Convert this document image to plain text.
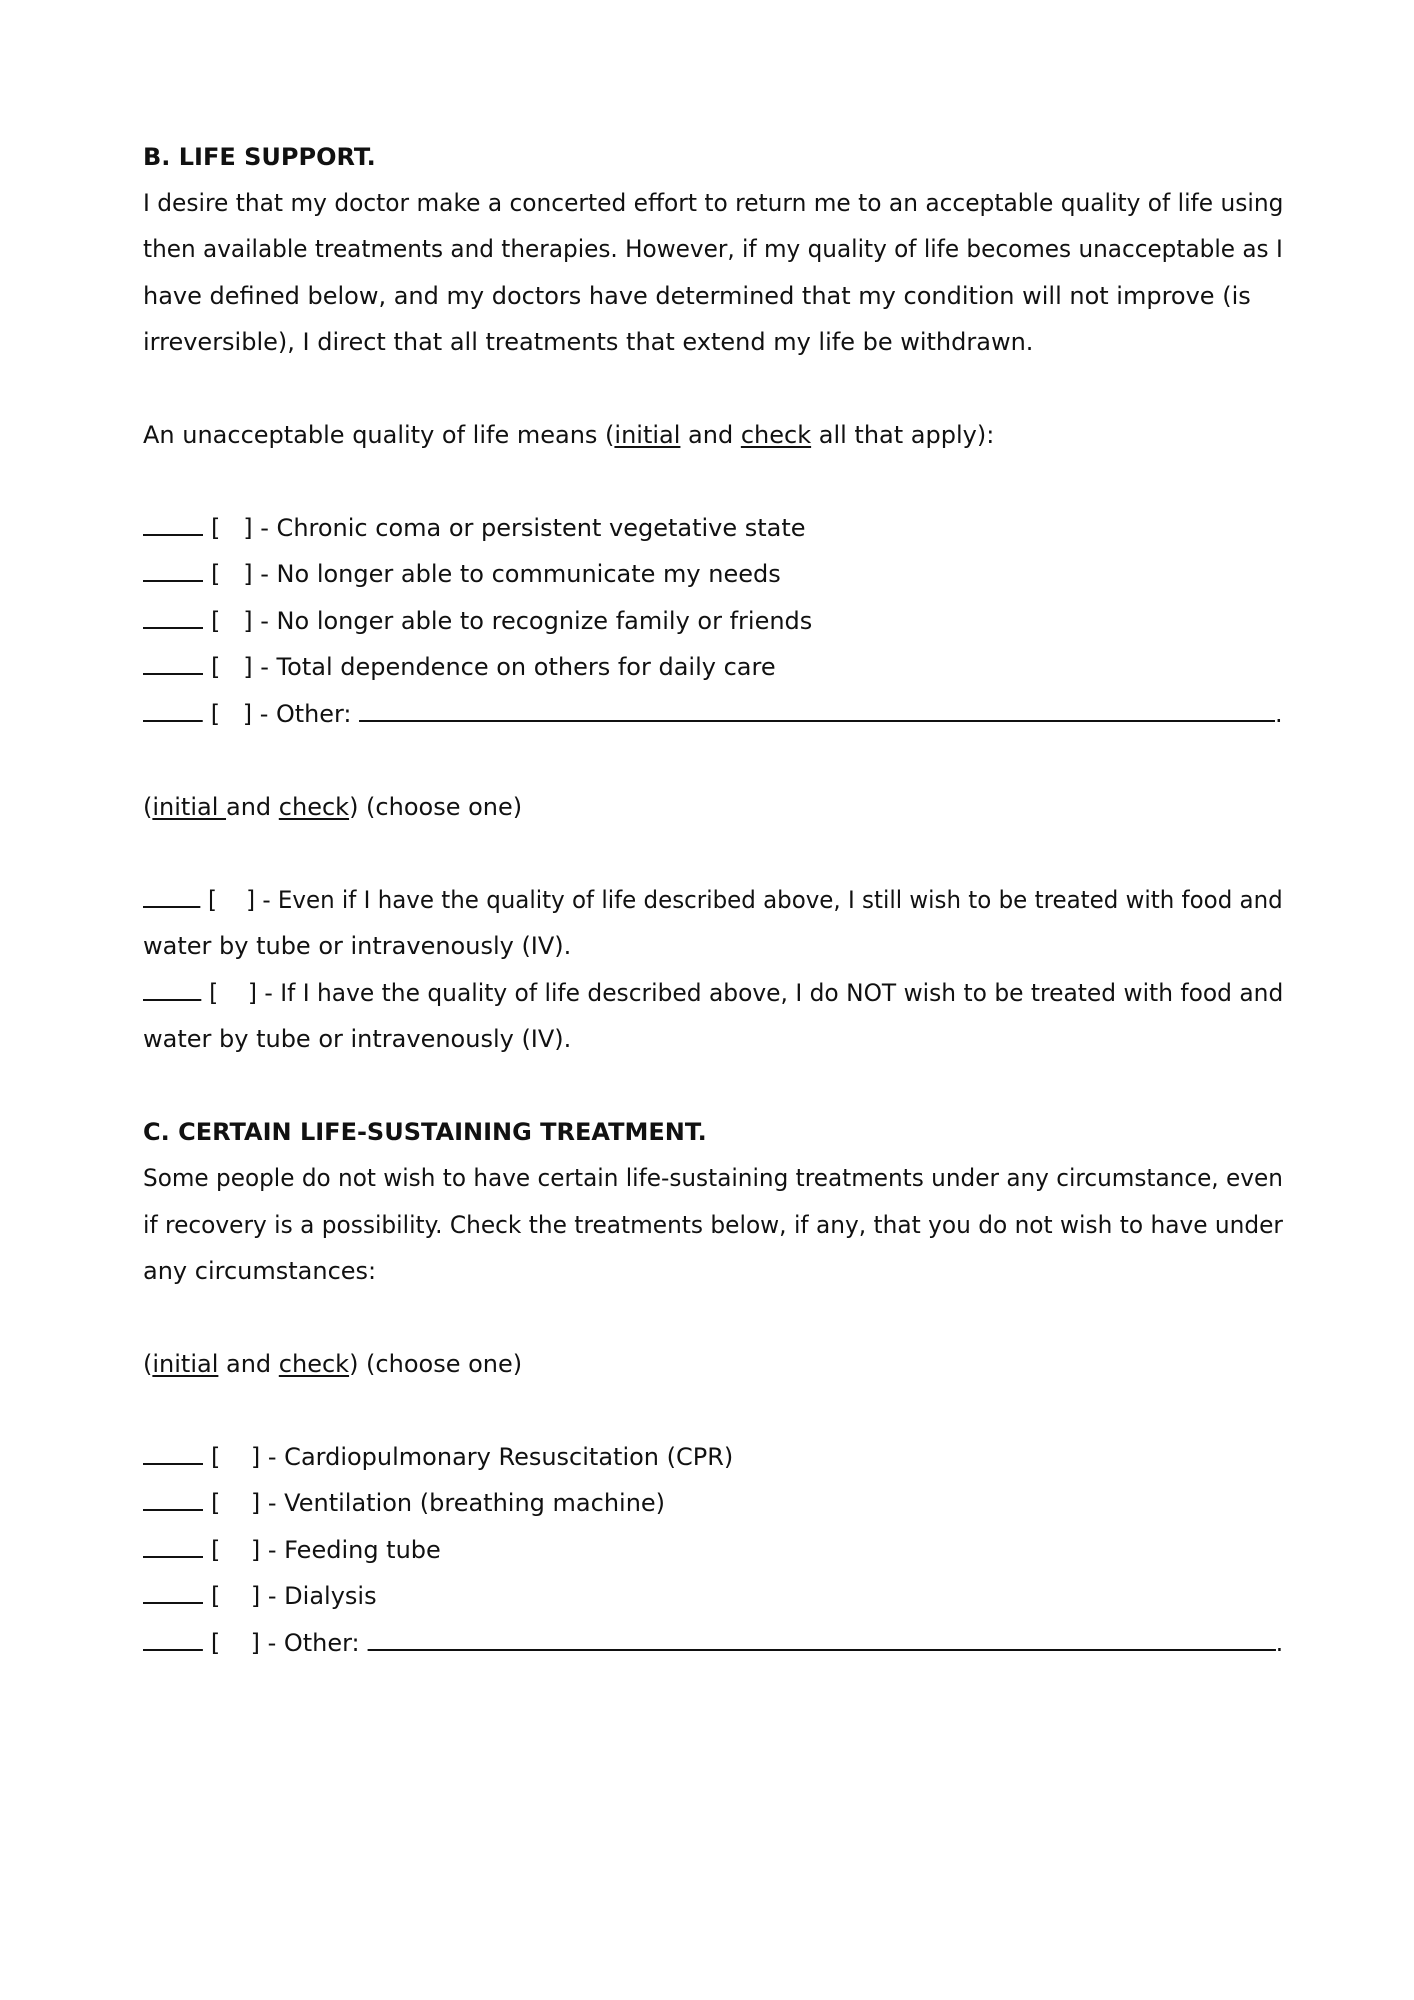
B. LIFE SUPPORT.
I desire that my doctor make a concerted effort to return me to an acceptable quality of life using
then available treatments and therapies. However, if my quality of life becomes unacceptable as I
have defined below, and my doctors have determined that my condition will not improve (is
irreversible), I direct that all treatments that extend my life be withdrawn.
An unacceptable quality of life means (initial and check all that apply):
[   ] - Chronic coma or persistent vegetative state
[   ] - No longer able to communicate my needs
[   ] - No longer able to recognize family or friends
[   ] - Total dependence on others for daily care
[   ] - Other:	.
(initial and check) (choose one)
[    ] - Even if I have the quality of life described above, I still wish to be treated with food and
water by tube or intravenously (IV).
[    ] - If I have the quality of life described above, I do NOT wish to be treated with food and
water by tube or intravenously (IV).
C. CERTAIN LIFE-SUSTAINING TREATMENT.
Some people do not wish to have certain life-sustaining treatments under any circumstance, even
if recovery is a possibility. Check the treatments below, if any, that you do not wish to have under
any circumstances:
(initial and check) (choose one)
[    ] - Cardiopulmonary Resuscitation (CPR)
[    ] - Ventilation (breathing machine)
[    ] - Feeding tube
[    ] - Dialysis
[    ] - Other:	.
